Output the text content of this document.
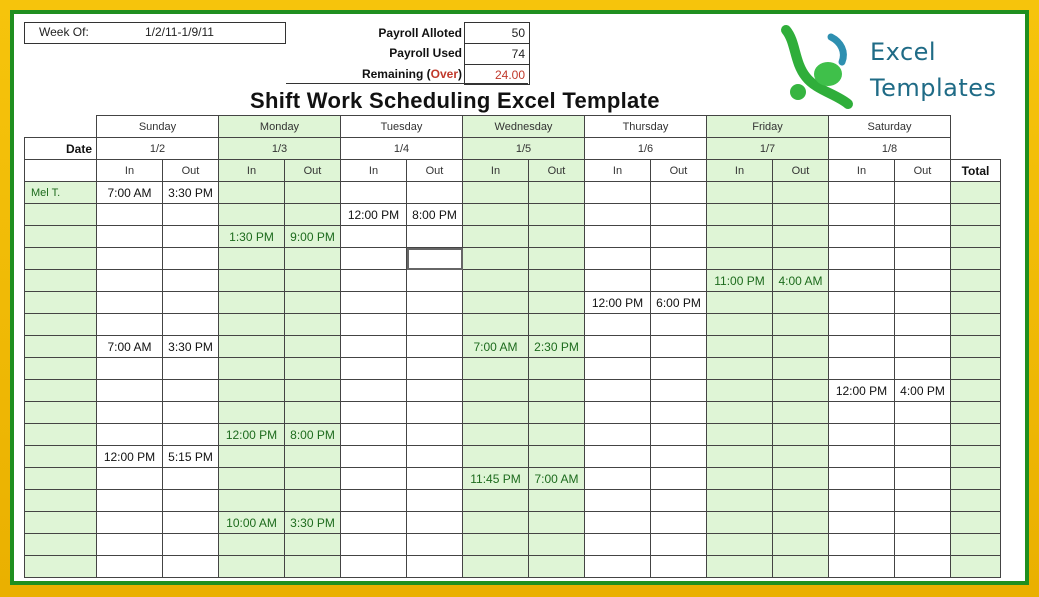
Week Of:	1/2/11-1/9/11	Payroll Alloted	50
Payroll Used	74
Remaining (Over)	24.00
Shift Work Scheduling Excel Template
Excel
Templates
	Sunday		Monday		Tuesday		Wednesday		Thursday		Friday		Saturday		
Date	1/2		1/3		1/4		1/5		1/6		1/7		1/8		
	In	Out	In	Out	In	Out	In	Out	In	Out	In	Out	In	Out	Total
Mel T.	7:00 AM	3:30 PM													
					12:00 PM	8:00 PM									
			1:30 PM	9:00 PM											

											11:00 PM	4:00 AM			
									12:00 PM	6:00 PM					

	7:00 AM	3:30 PM					7:00 AM	2:30 PM							

													12:00 PM	4:00 PM	

			12:00 PM	8:00 PM											
	12:00 PM	5:15 PM													
							11:45 PM	7:00 AM							

			10:00 AM	3:30 PM											
